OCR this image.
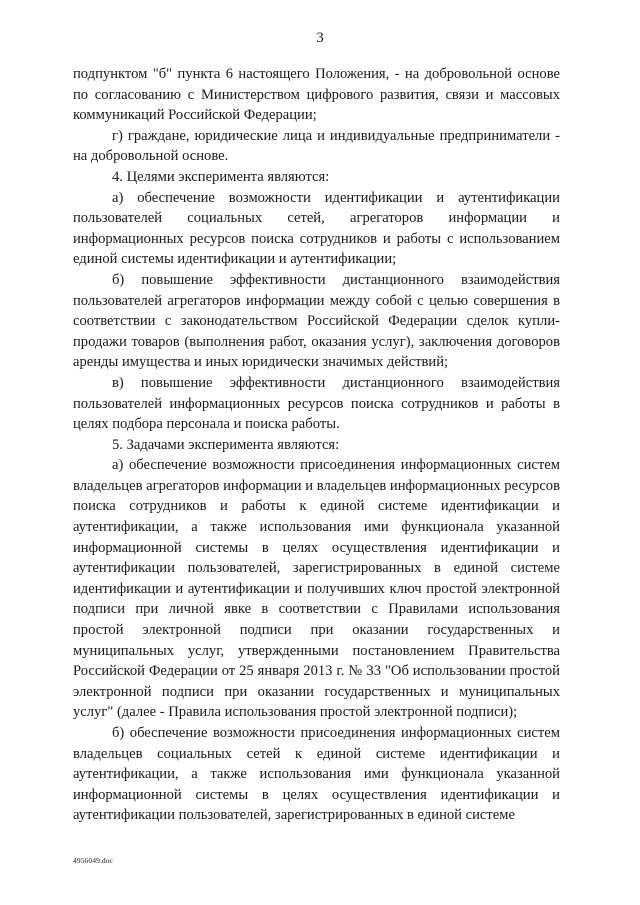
3

подпунктом "б" пункта 6 настоящего Положения, - на добровольной основе по согласованию с Министерством цифрового развития, связи и массовых коммуникаций Российской Федерации;

г) граждане, юридические лица и индивидуальные предприниматели - на добровольной основе.

4. Целями эксперимента являются:

а) обеспечение возможности идентификации и аутентификации пользователей социальных сетей, агрегаторов информации и информационных ресурсов поиска сотрудников и работы с использованием единой системы идентификации и аутентификации;

б) повышение эффективности дистанционного взаимодействия пользователей агрегаторов информации между собой с целью совершения в соответствии с законодательством Российской Федерации сделок купли-продажи товаров (выполнения работ, оказания услуг), заключения договоров аренды имущества и иных юридически значимых действий;

в) повышение эффективности дистанционного взаимодействия пользователей информационных ресурсов поиска сотрудников и работы в целях подбора персонала и поиска работы.

5. Задачами эксперимента являются:

а) обеспечение возможности присоединения информационных систем владельцев агрегаторов информации и владельцев информационных ресурсов поиска сотрудников и работы к единой системе идентификации и аутентификации, а также использования ими функционала указанной информационной системы в целях осуществления идентификации и аутентификации пользователей, зарегистрированных в единой системе идентификации и аутентификации и получивших ключ простой электронной подписи при личной явке в соответствии с Правилами использования простой электронной подписи при оказании государственных и муниципальных услуг, утвержденными постановлением Правительства Российской Федерации от 25 января 2013 г. № 33 "Об использовании простой электронной подписи при оказании государственных и муниципальных услуг" (далее - Правила использования простой электронной подписи);

б) обеспечение возможности присоединения информационных систем владельцев социальных сетей к единой системе идентификации и аутентификации, а также использования ими функционала указанной информационной системы в целях осуществления идентификации и аутентификации пользователей, зарегистрированных в единой системе

4956049.doc
